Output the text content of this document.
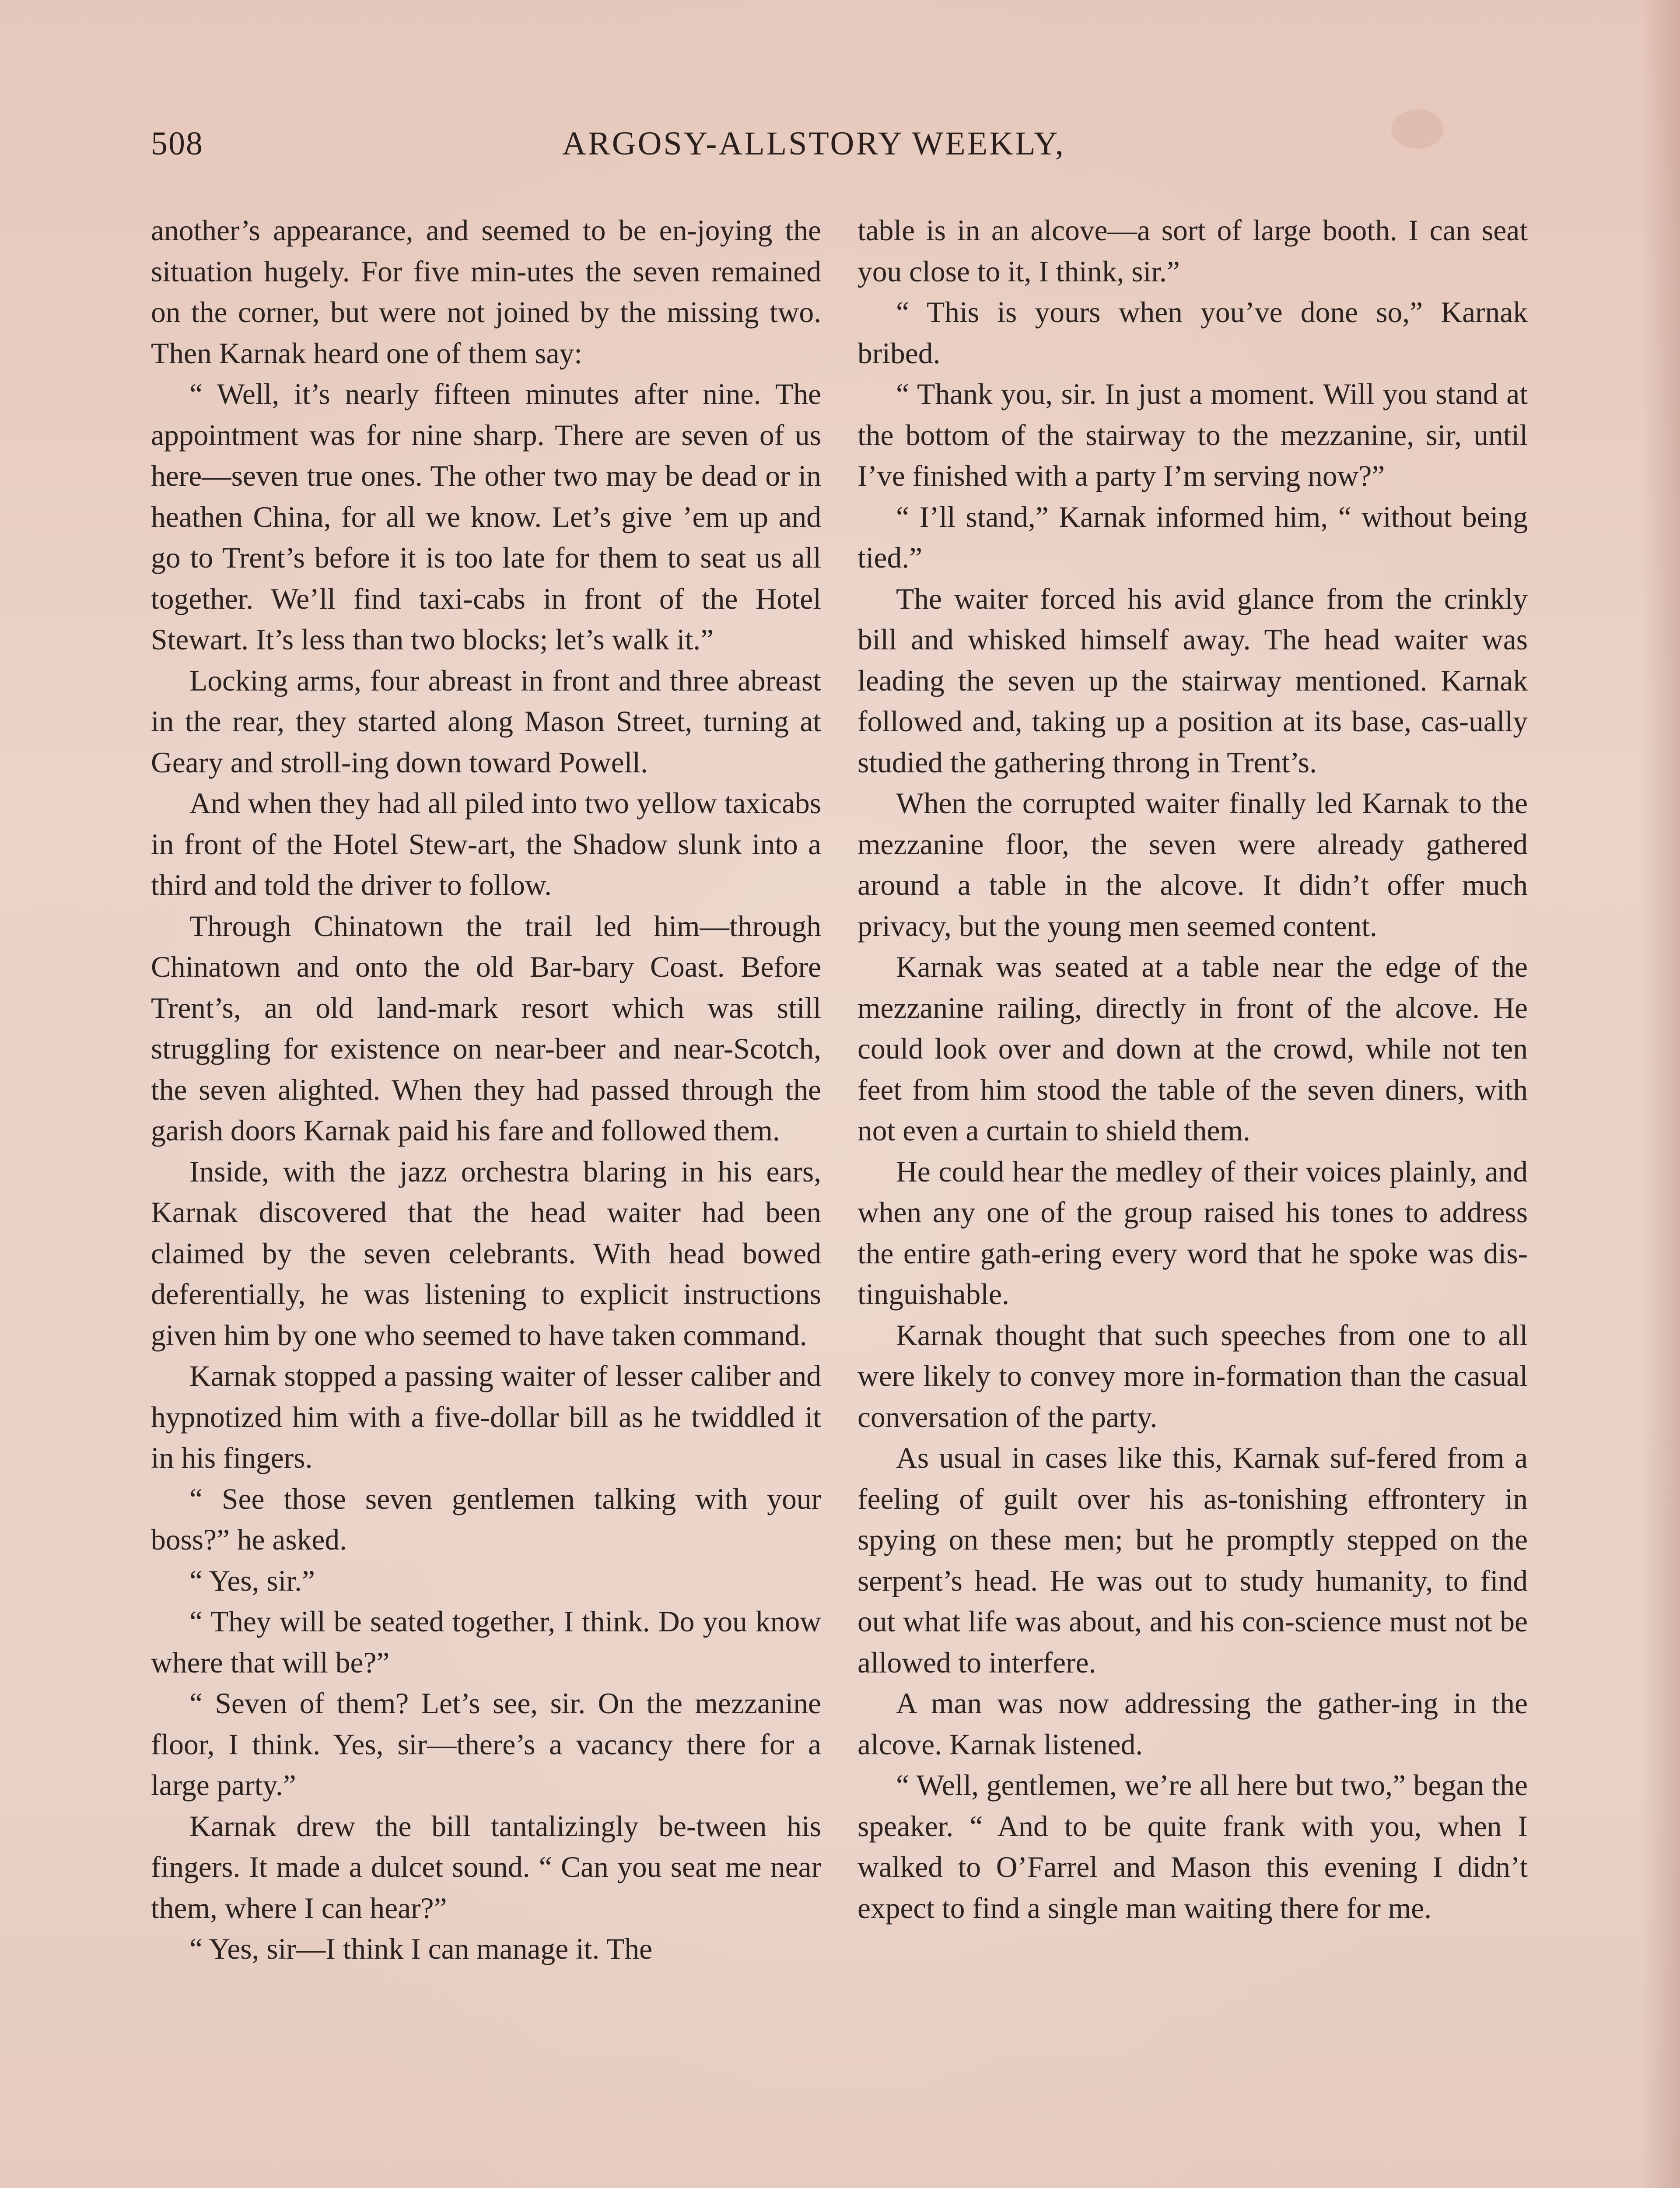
508	ARGOSY-ALLSTORY WEEKLY,

another’s appearance, and seemed to be en-joying the situation hugely. For five min-utes the seven remained on the corner, but were not joined by the missing two. Then Karnak heard one of them say:

“ Well, it’s nearly fifteen minutes after nine. The appointment was for nine sharp. There are seven of us here—seven true ones. The other two may be dead or in heathen China, for all we know. Let’s give ’em up and go to Trent’s before it is too late for them to seat us all together. We’ll find taxi-cabs in front of the Hotel Stewart. It’s less than two blocks; let’s walk it.”

Locking arms, four abreast in front and three abreast in the rear, they started along Mason Street, turning at Geary and stroll-ing down toward Powell.

And when they had all piled into two yellow taxicabs in front of the Hotel Stew-art, the Shadow slunk into a third and told the driver to follow.

Through Chinatown the trail led him—through Chinatown and onto the old Bar-bary Coast. Before Trent’s, an old land-mark resort which was still struggling for existence on near-beer and near-Scotch, the seven alighted. When they had passed through the garish doors Karnak paid his fare and followed them.

Inside, with the jazz orchestra blaring in his ears, Karnak discovered that the head waiter had been claimed by the seven celebrants. With head bowed deferentially, he was listening to explicit instructions given him by one who seemed to have taken command.

Karnak stopped a passing waiter of lesser caliber and hypnotized him with a five-dollar bill as he twiddled it in his fingers.

“ See those seven gentlemen talking with your boss?” he asked.

“ Yes, sir.”

“ They will be seated together, I think. Do you know where that will be?”

“ Seven of them? Let’s see, sir. On the mezzanine floor, I think. Yes, sir—there’s a vacancy there for a large party.”

Karnak drew the bill tantalizingly be-tween his fingers. It made a dulcet sound. “ Can you seat me near them, where I can hear?”

“ Yes, sir—I think I can manage it. The

table is in an alcove—a sort of large booth. I can seat you close to it, I think, sir.”

“ This is yours when you’ve done so,” Karnak bribed.

“ Thank you, sir. In just a moment. Will you stand at the bottom of the stairway to the mezzanine, sir, until I’ve finished with a party I’m serving now?”

“ I’ll stand,” Karnak informed him, “ without being tied.”

The waiter forced his avid glance from the crinkly bill and whisked himself away. The head waiter was leading the seven up the stairway mentioned. Karnak followed and, taking up a position at its base, cas-ually studied the gathering throng in Trent’s.

When the corrupted waiter finally led Karnak to the mezzanine floor, the seven were already gathered around a table in the alcove. It didn’t offer much privacy, but the young men seemed content.

Karnak was seated at a table near the edge of the mezzanine railing, directly in front of the alcove. He could look over and down at the crowd, while not ten feet from him stood the table of the seven diners, with not even a curtain to shield them.

He could hear the medley of their voices plainly, and when any one of the group raised his tones to address the entire gath-ering every word that he spoke was dis-tinguishable.

Karnak thought that such speeches from one to all were likely to convey more in-formation than the casual conversation of the party.

As usual in cases like this, Karnak suf-fered from a feeling of guilt over his as-tonishing effrontery in spying on these men; but he promptly stepped on the serpent’s head. He was out to study humanity, to find out what life was about, and his con-science must not be allowed to interfere.

A man was now addressing the gather-ing in the alcove. Karnak listened.

“ Well, gentlemen, we’re all here but two,” began the speaker. “ And to be quite frank with you, when I walked to O’Farrel and Mason this evening I didn’t expect to find a single man waiting there for me.
